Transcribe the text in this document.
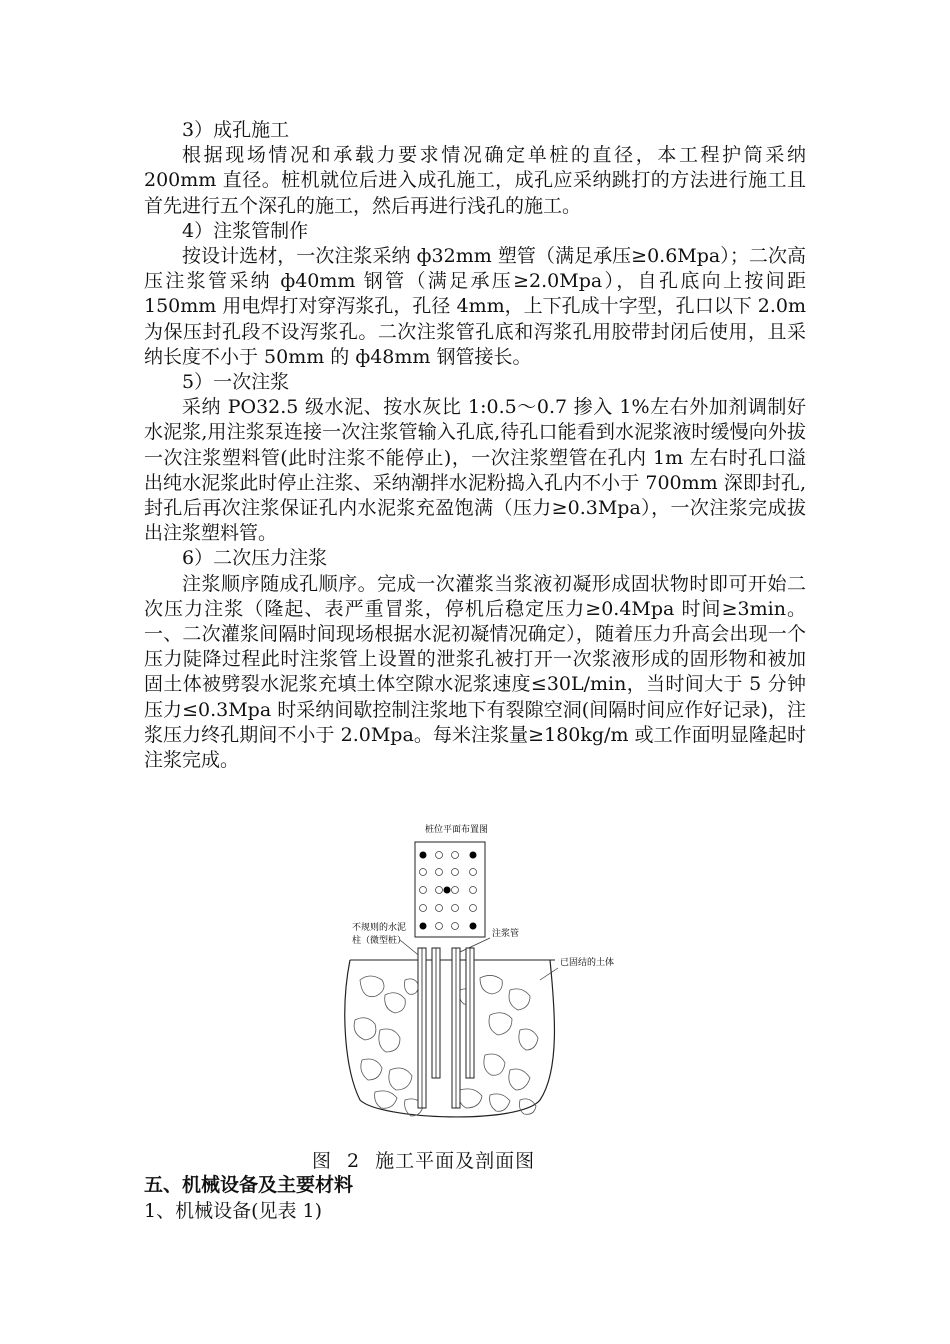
3）成孔施工

根据现场情况和承载力要求情况确定单桩的直径，本工程护筒采纳 200mm 直径。桩机就位后进入成孔施工，成孔应采纳跳打的方法进行施工且首先进行五个深孔的施工，然后再进行浅孔的施工。

4）注浆管制作

按设计选材，一次注浆采纳 ф32mm 塑管（满足承压≥0.6Mpa）；二次高压注浆管采纳 ф40mm 钢管（满足承压≥2.0Mpa），自孔底向上按间距 150mm 用电焊打对穿泻浆孔，孔径 4mm，上下孔成十字型，孔口以下 2.0m 为保压封孔段不设泻浆孔。二次注浆管孔底和泻浆孔用胶带封闭后使用，且采纳长度不小于 50mm 的 ф48mm 钢管接长。

5）一次注浆

采纳 PO32.5 级水泥、按水灰比 1:0.5～0.7 掺入 1%左右外加剂调制好水泥浆,用注浆泵连接一次注浆管输入孔底,待孔口能看到水泥浆液时缓慢向外拔一次注浆塑料管(此时注浆不能停止)，一次注浆塑管在孔内 1m 左右时孔口溢出纯水泥浆此时停止注浆、采纳潮拌水泥粉捣入孔内不小于 700mm 深即封孔,封孔后再次注浆保证孔内水泥浆充盈饱满（压力≥0.3Mpa），一次注浆完成拔出注浆塑料管。

6）二次压力注浆

注浆顺序随成孔顺序。完成一次灌浆当浆液初凝形成固状物时即可开始二次压力注浆（隆起、表严重冒浆，停机后稳定压力≥0.4Mpa 时间≥3min。一、二次灌浆间隔时间现场根据水泥初凝情况确定），随着压力升高会出现一个压力陡降过程此时注浆管上设置的泄浆孔被打开一次浆液形成的固形物和被加固土体被劈裂水泥浆充填土体空隙水泥浆速度≤30L/min，当时间大于 5 分钟压力≤0.3Mpa 时采纳间歇控制注浆地下有裂隙空洞(间隔时间应作好记录)，注浆压力终孔期间不小于 2.0Mpa。每米注浆量≥180kg/m 或工作面明显隆起时注浆完成。

桩位平面布置图
不规则的水泥
柱（微型桩）
注浆管
已固结的土体
图 2 施工平面及剖面图
五、机械设备及主要材料
1、机械设备(见表 1)
